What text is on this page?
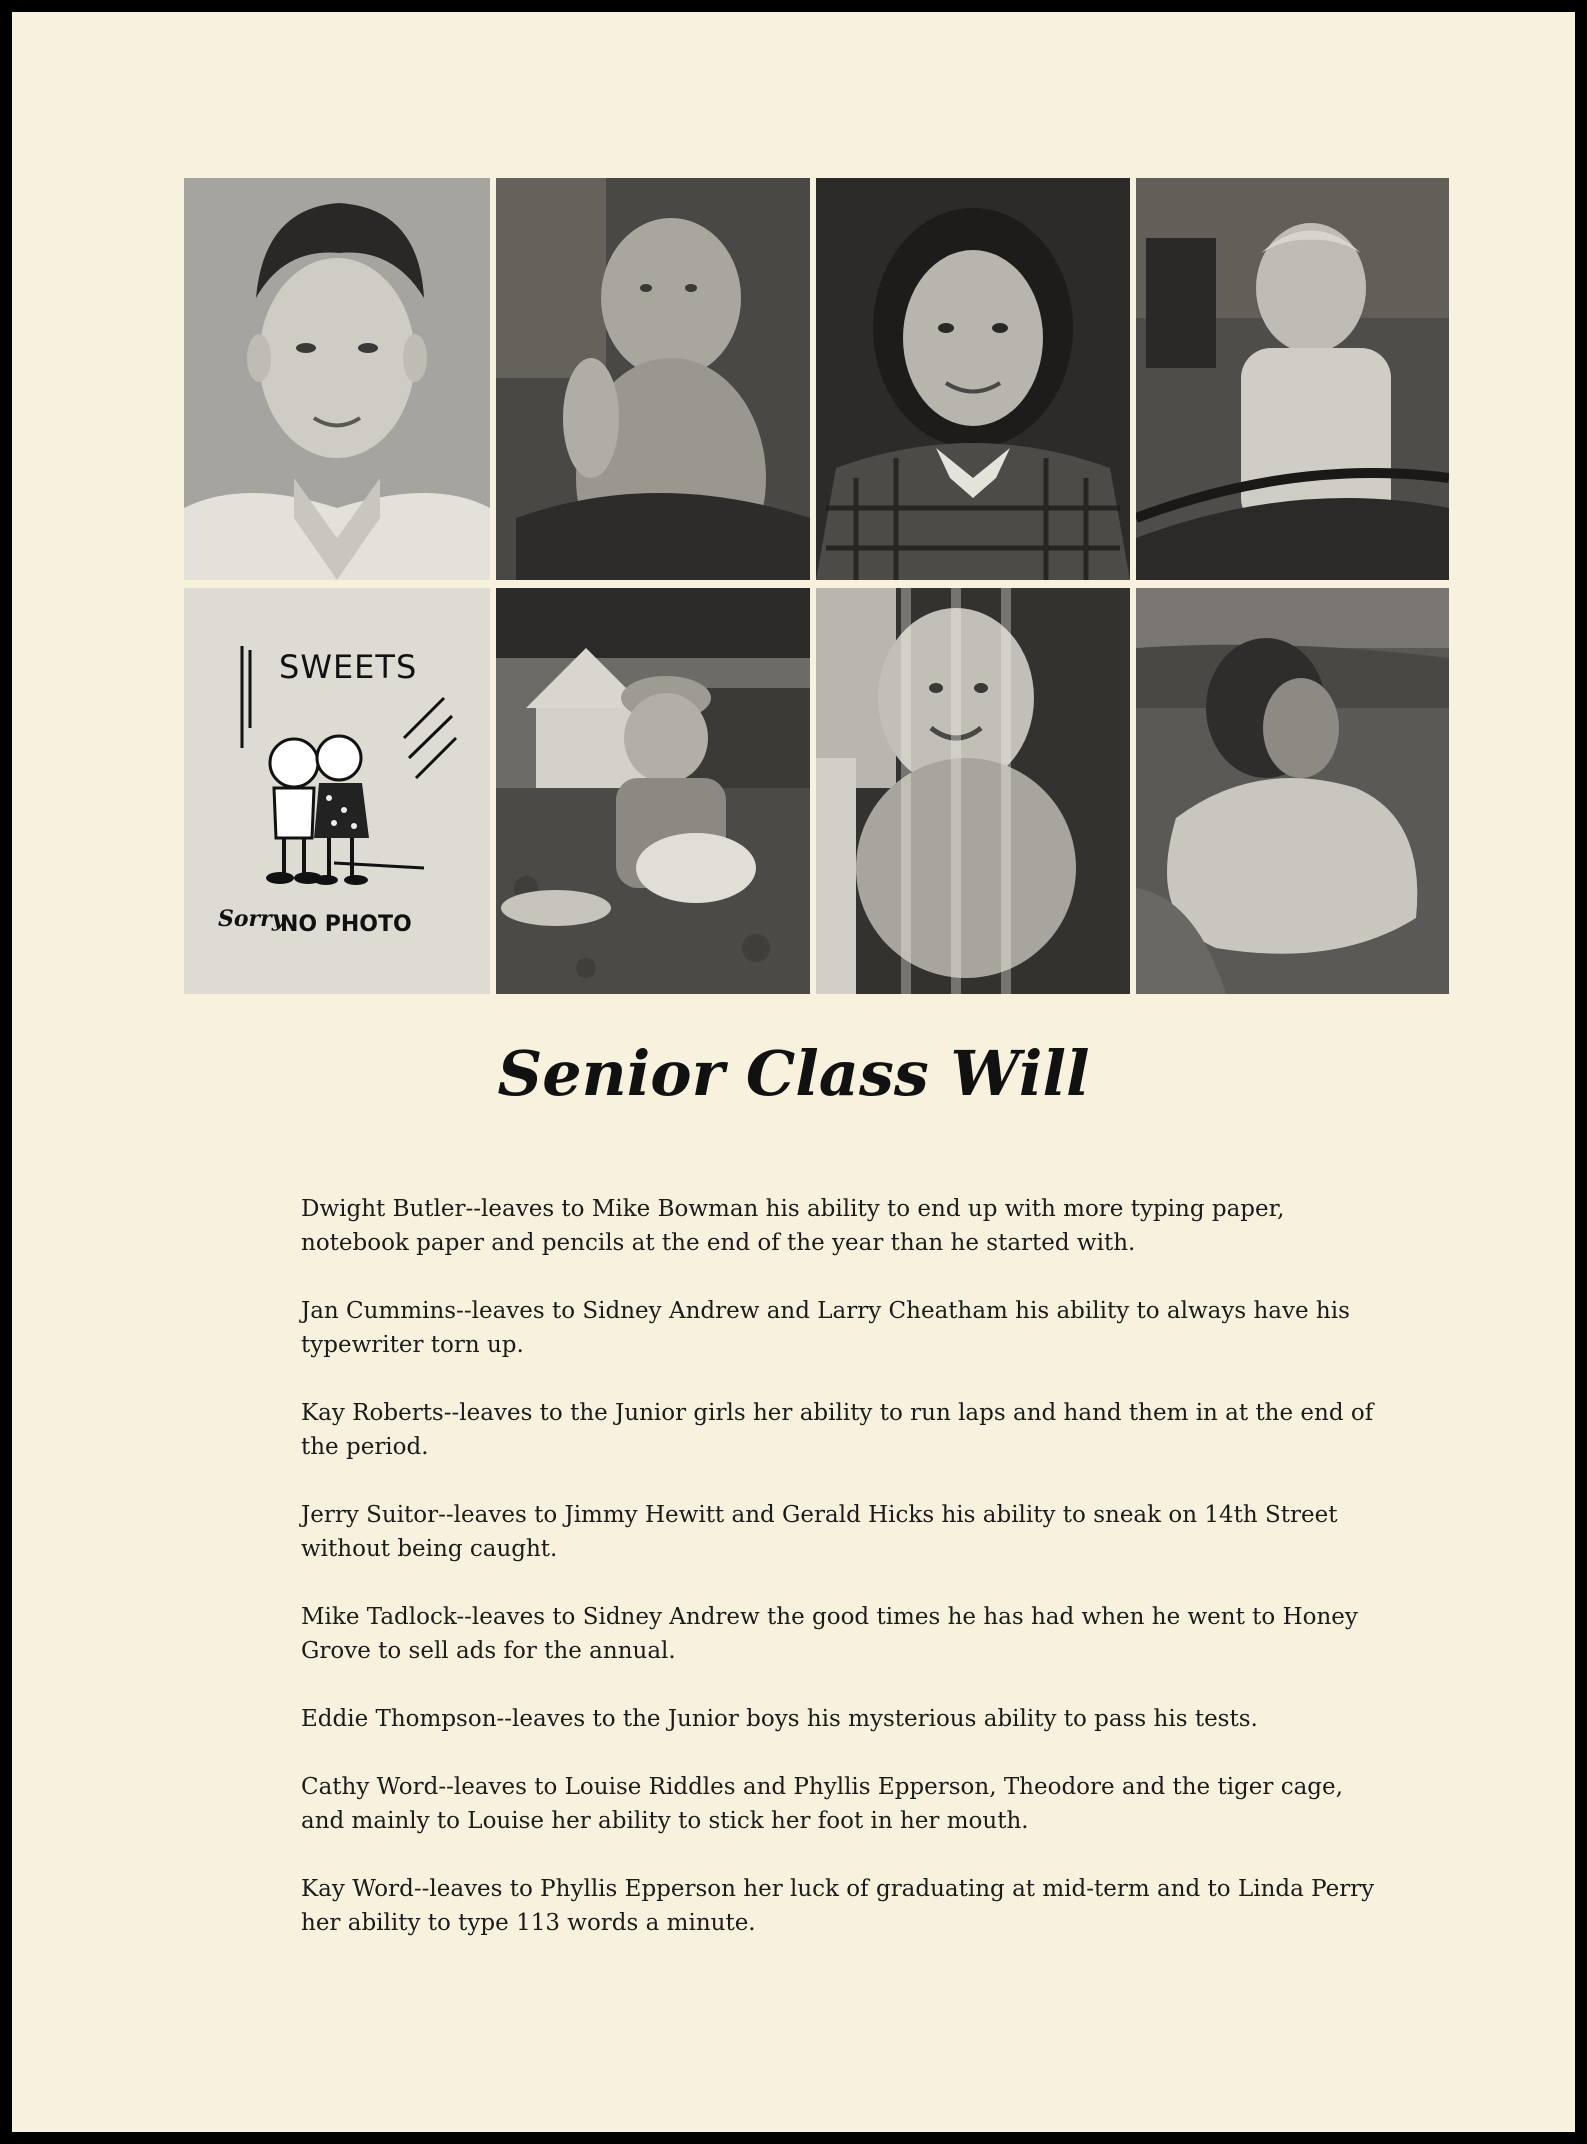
SWEETS
Sorry
NO PHOTO
Senior Class Will

Dwight Butler--leaves to Mike Bowman his ability to end up with more typing paper, notebook paper and pencils at the end of the year than he started with.

Jan Cummins--leaves to Sidney Andrew and Larry Cheatham his ability to always have his typewriter torn up.

Kay Roberts--leaves to the Junior girls her ability to run laps and hand them in at the end of the period.

Jerry Suitor--leaves to Jimmy Hewitt and Gerald Hicks his ability to sneak on 14th Street without being caught.

Mike Tadlock--leaves to Sidney Andrew the good times he has had when he went to Honey Grove to sell ads for the annual.

Eddie Thompson--leaves to the Junior boys his mysterious ability to pass his tests.

Cathy Word--leaves to Louise Riddles and Phyllis Epperson, Theodore and the tiger cage, and mainly to Louise her ability to stick her foot in her mouth.

Kay Word--leaves to Phyllis Epperson her luck of graduating at mid-term and to Linda Perry her ability to type 113 words a minute.
